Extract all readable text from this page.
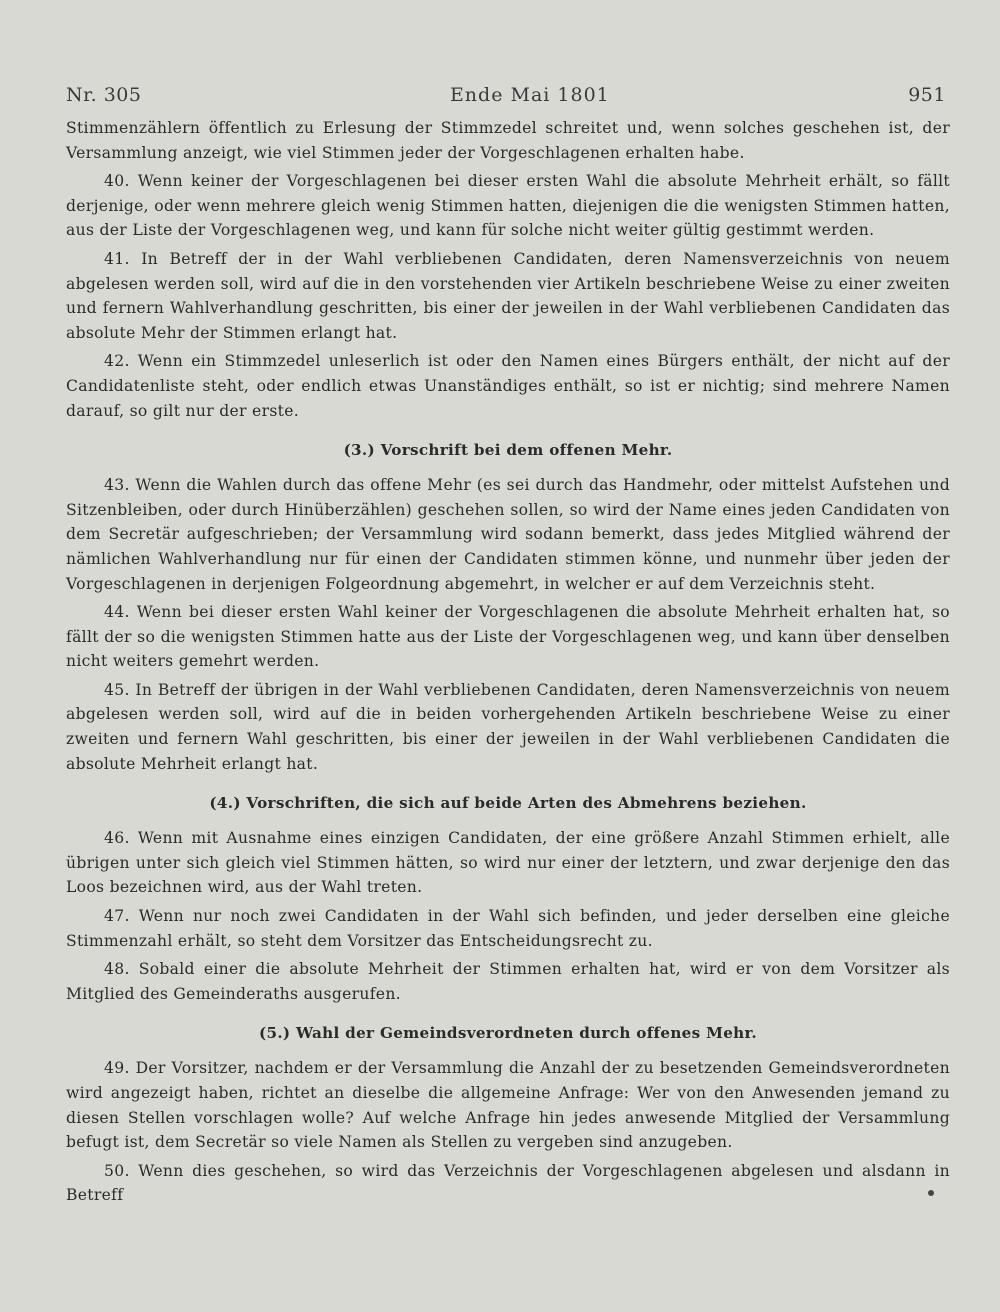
Nr. 305	Ende Mai 1801	951

Stimmenzählern öffentlich zu Erlesung der Stimmzedel schreitet und, wenn solches geschehen ist, der Versammlung anzeigt, wie viel Stimmen jeder der Vorgeschlagenen erhalten habe.

40. Wenn keiner der Vorgeschlagenen bei dieser ersten Wahl die absolute Mehrheit erhält, so fällt derjenige, oder wenn mehrere gleich wenig Stimmen hatten, diejenigen die die wenigsten Stimmen hatten, aus der Liste der Vorgeschlagenen weg, und kann für solche nicht weiter gültig gestimmt werden.

41. In Betreff der in der Wahl verbliebenen Candidaten, deren Namensverzeichnis von neuem abgelesen werden soll, wird auf die in den vorstehenden vier Artikeln beschriebene Weise zu einer zweiten und fernern Wahlverhandlung geschritten, bis einer der jeweilen in der Wahl verbliebenen Candidaten das absolute Mehr der Stimmen erlangt hat.

42. Wenn ein Stimmzedel unleserlich ist oder den Namen eines Bürgers enthält, der nicht auf der Candidatenliste steht, oder endlich etwas Unanständiges enthält, so ist er nichtig; sind mehrere Namen darauf, so gilt nur der erste.

(3.) Vorschrift bei dem offenen Mehr.

43. Wenn die Wahlen durch das offene Mehr (es sei durch das Handmehr, oder mittelst Aufstehen und Sitzenbleiben, oder durch Hinüberzählen) geschehen sollen, so wird der Name eines jeden Candidaten von dem Secretär aufgeschrieben; der Versammlung wird sodann bemerkt, dass jedes Mitglied während der nämlichen Wahlverhandlung nur für einen der Candidaten stimmen könne, und nunmehr über jeden der Vorgeschlagenen in derjenigen Folgeordnung abgemehrt, in welcher er auf dem Verzeichnis steht.

44. Wenn bei dieser ersten Wahl keiner der Vorgeschlagenen die absolute Mehrheit erhalten hat, so fällt der so die wenigsten Stimmen hatte aus der Liste der Vorgeschlagenen weg, und kann über denselben nicht weiters gemehrt werden.

45. In Betreff der übrigen in der Wahl verbliebenen Candidaten, deren Namensverzeichnis von neuem abgelesen werden soll, wird auf die in beiden vorhergehenden Artikeln beschriebene Weise zu einer zweiten und fernern Wahl geschritten, bis einer der jeweilen in der Wahl verbliebenen Candidaten die absolute Mehrheit erlangt hat.

(4.) Vorschriften, die sich auf beide Arten des Abmehrens beziehen.

46. Wenn mit Ausnahme eines einzigen Candidaten, der eine größere Anzahl Stimmen erhielt, alle übrigen unter sich gleich viel Stimmen hätten, so wird nur einer der letztern, und zwar derjenige den das Loos bezeichnen wird, aus der Wahl treten.

47. Wenn nur noch zwei Candidaten in der Wahl sich befinden, und jeder derselben eine gleiche Stimmenzahl erhält, so steht dem Vorsitzer das Entscheidungsrecht zu.

48. Sobald einer die absolute Mehrheit der Stimmen erhalten hat, wird er von dem Vorsitzer als Mitglied des Gemeinderaths ausgerufen.

(5.) Wahl der Gemeindsverordneten durch offenes Mehr.

49. Der Vorsitzer, nachdem er der Versammlung die Anzahl der zu besetzenden Gemeindsverordneten wird angezeigt haben, richtet an dieselbe die allgemeine Anfrage: Wer von den Anwesenden jemand zu diesen Stellen vorschlagen wolle? Auf welche Anfrage hin jedes anwesende Mitglied der Versammlung befugt ist, dem Secretär so viele Namen als Stellen zu vergeben sind anzugeben.

50. Wenn dies geschehen, so wird das Verzeichnis der Vorgeschlagenen abgelesen und alsdann in Betreff
